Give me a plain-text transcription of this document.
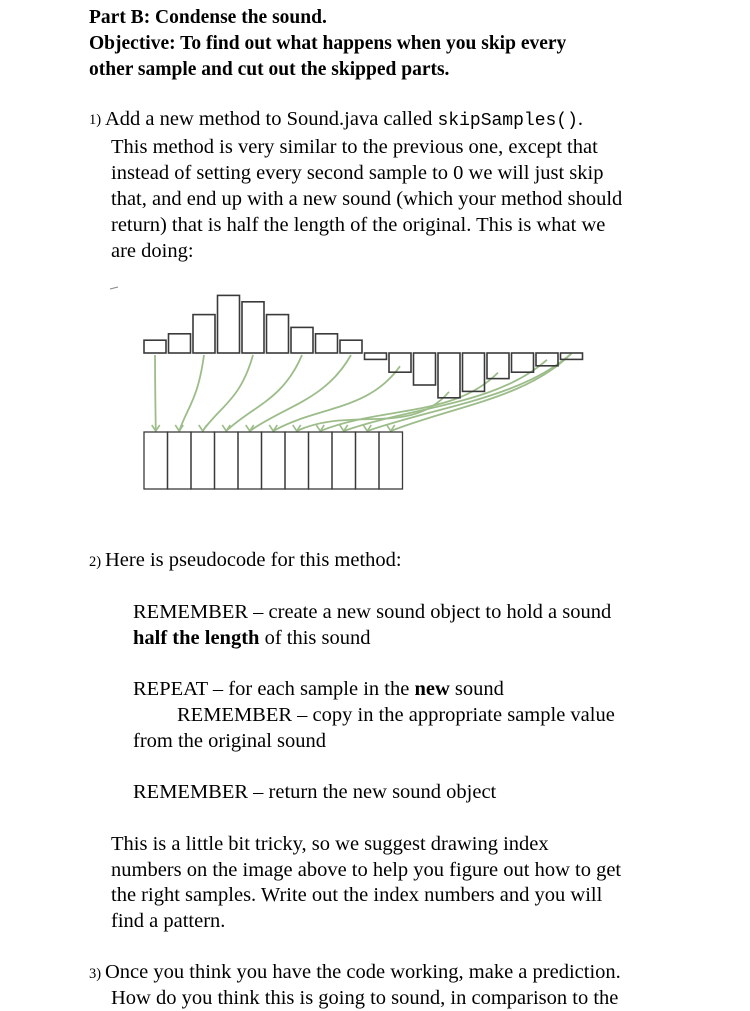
Part B: Condense the sound.
Objective: To find out what happens when you skip every
other sample and cut out the skipped parts.
1) Add a new method to Sound.java called skipSamples().
This method is very similar to the previous one, except that
instead of setting every second sample to 0 we will just skip
that, and end up with a new sound (which your method should
return) that is half the length of the original. This is what we
are doing:
2) Here is pseudocode for this method:
REMEMBER – create a new sound object to hold a sound
half the length of this sound
REPEAT – for each sample in the new sound
REMEMBER – copy in the appropriate sample value
from the original sound
REMEMBER – return the new sound object
This is a little bit tricky, so we suggest drawing index
numbers on the image above to help you figure out how to get
the right samples. Write out the index numbers and you will
find a pattern.
3) Once you think you have the code working, make a prediction.
How do you think this is going to sound, in comparison to the
